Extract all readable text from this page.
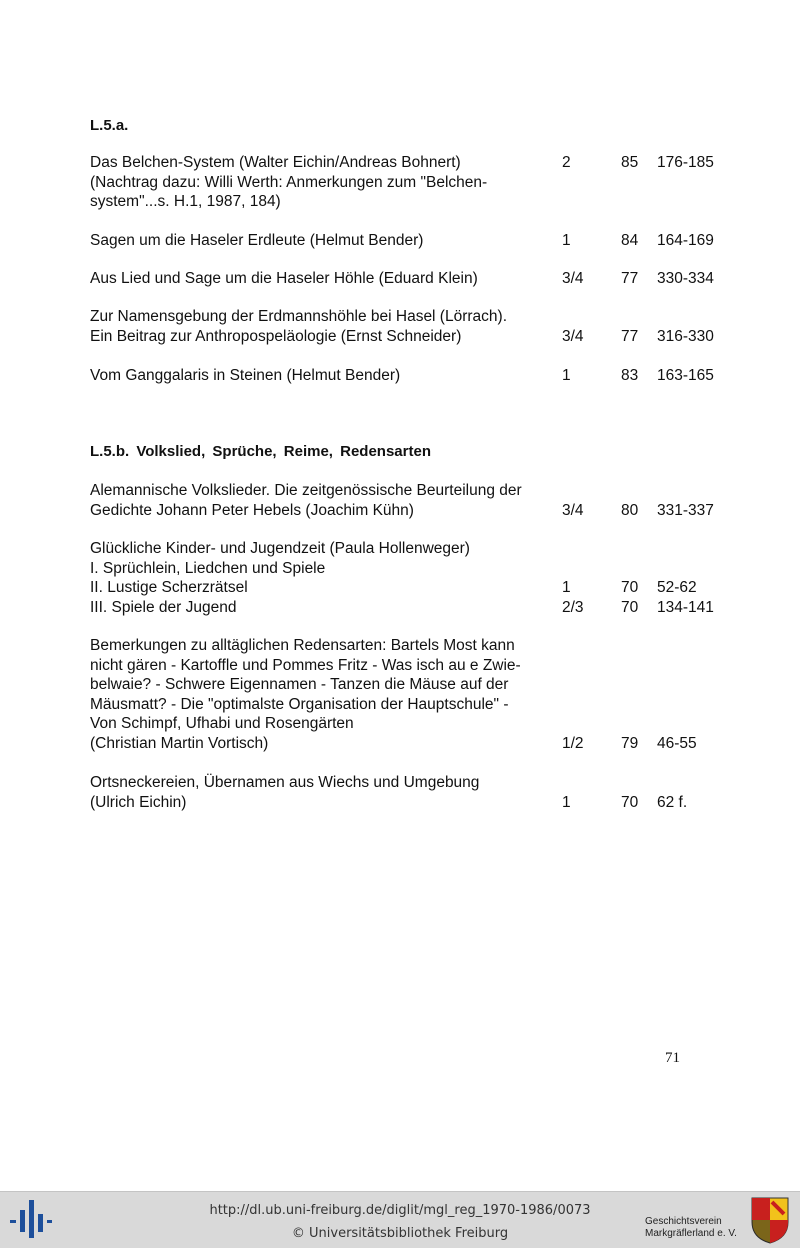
L.5.a.
Das Belchen-System (Walter Eichin/Andreas Bohnert)	2	85	176-185
(Nachtrag dazu: Willi Werth: Anmerkungen zum "Belchen-
system"...s. H.1, 1987, 184)
Sagen um die Haseler Erdleute (Helmut Bender)	1	84	164-169
Aus Lied und Sage um die Haseler Höhle (Eduard Klein)	3/4	77	330-334
Zur Namensgebung der Erdmannshöhle bei Hasel (Lörrach).
Ein Beitrag zur Anthropospeläologie (Ernst Schneider)	3/4	77	316-330
Vom Ganggalaris in Steinen (Helmut Bender)	1	83	163-165
L.5.b. Volkslied, Sprüche, Reime, Redensarten
Alemannische Volkslieder. Die zeitgenössische Beurteilung der
Gedichte Johann Peter Hebels (Joachim Kühn)	3/4	80	331-337
Glückliche Kinder- und Jugendzeit (Paula Hollenweger)
I. Sprüchlein, Liedchen und Spiele
II. Lustige Scherzrätsel	1	70	52-62
III. Spiele der Jugend	2/3	70	134-141
Bemerkungen zu alltäglichen Redensarten: Bartels Most kann
nicht gären - Kartoffle und Pommes Fritz - Was isch au e Zwie-
belwaie? - Schwere Eigennamen - Tanzen die Mäuse auf der
Mäusmatt? - Die "optimalste Organisation der Hauptschule" -
Von Schimpf, Ufhabi und Rosengärten
(Christian Martin Vortisch)	1/2	79	46-55
Ortsneckereien, Übernamen aus Wiechs und Umgebung
(Ulrich Eichin)	1	70	62 f.
71
http://dl.ub.uni-freiburg.de/diglit/mgl_reg_1970-1986/0073
© Universitätsbibliothek Freiburg
Geschichtsverein
Markgräflerland e. V.
